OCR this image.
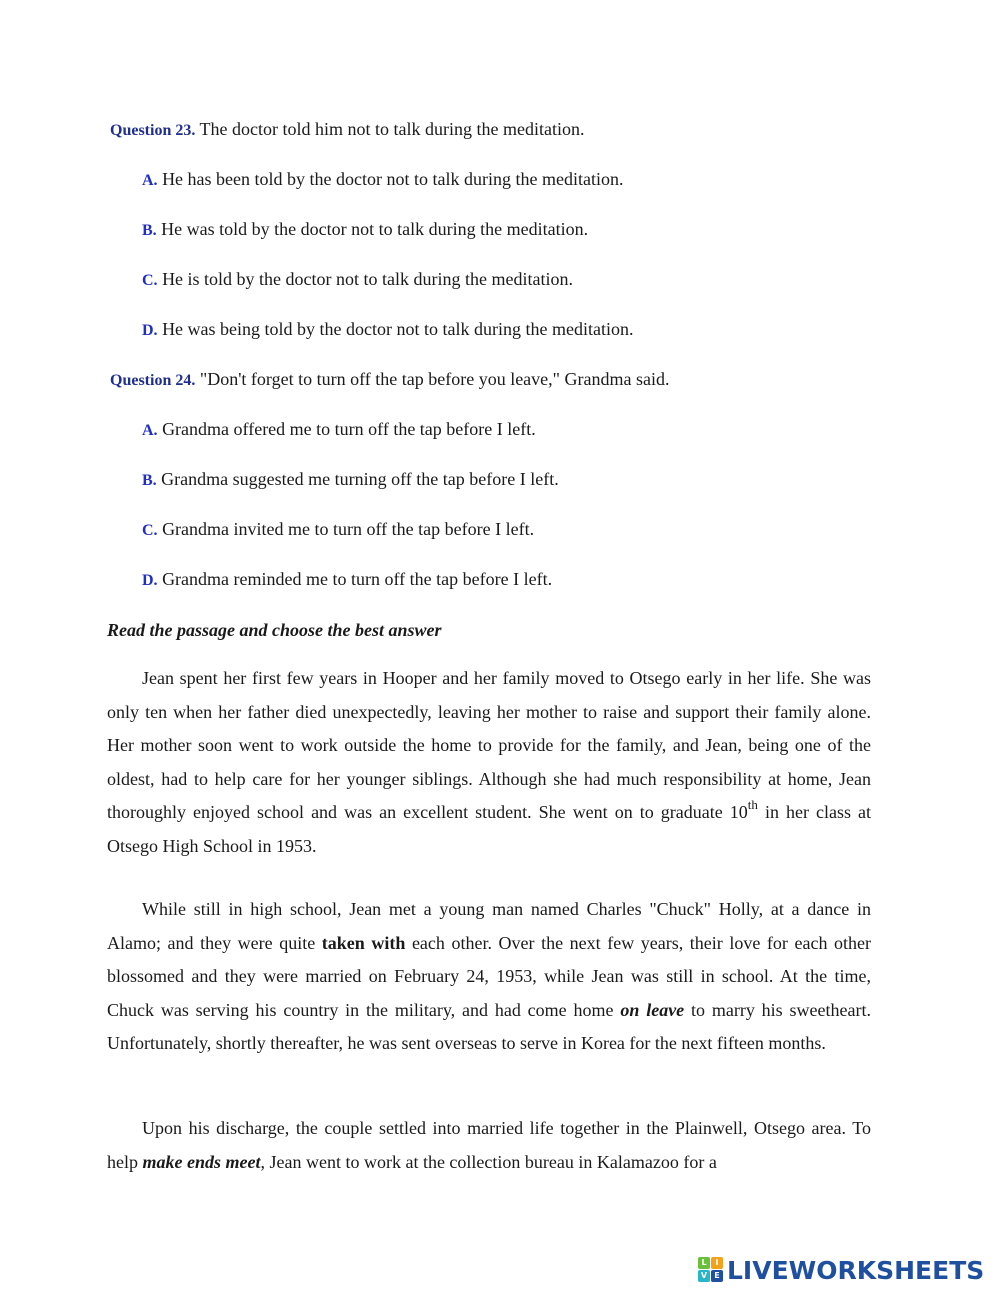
Question 23. The doctor told him not to talk during the meditation.
A. He has been told by the doctor not to talk during the meditation.
B. He was told by the doctor not to talk during the meditation.
C. He is told by the doctor not to talk during the meditation.
D. He was being told by the doctor not to talk during the meditation.
Question 24. "Don't forget to turn off the tap before you leave," Grandma said.
A. Grandma offered me to turn off the tap before I left.
B. Grandma suggested me turning off the tap before I left.
C. Grandma invited me to turn off the tap before I left.
D. Grandma reminded me to turn off the tap before I left.
Read the passage and choose the best answer
Jean spent her first few years in Hooper and her family moved to Otsego early in her life. She was only ten when her father died unexpectedly, leaving her mother to raise and support their family alone. Her mother soon went to work outside the home to provide for the family, and Jean, being one of the oldest, had to help care for her younger siblings. Although she had much responsibility at home, Jean thoroughly enjoyed school and was an excellent student. She went on to graduate 10th in her class at Otsego High School in 1953.
While still in high school, Jean met a young man named Charles "Chuck" Holly, at a dance in Alamo; and they were quite taken with each other. Over the next few years, their love for each other blossomed and they were married on February 24, 1953, while Jean was still in school. At the time, Chuck was serving his country in the military, and had come home on leave to marry his sweetheart. Unfortunately, shortly thereafter, he was sent overseas to serve in Korea for the next fifteen months.
Upon his discharge, the couple settled into married life together in the Plainwell, Otsego area. To help make ends meet, Jean went to work at the collection bureau in Kalamazoo for a
L	I
V E LIVEWORKSHEETS
